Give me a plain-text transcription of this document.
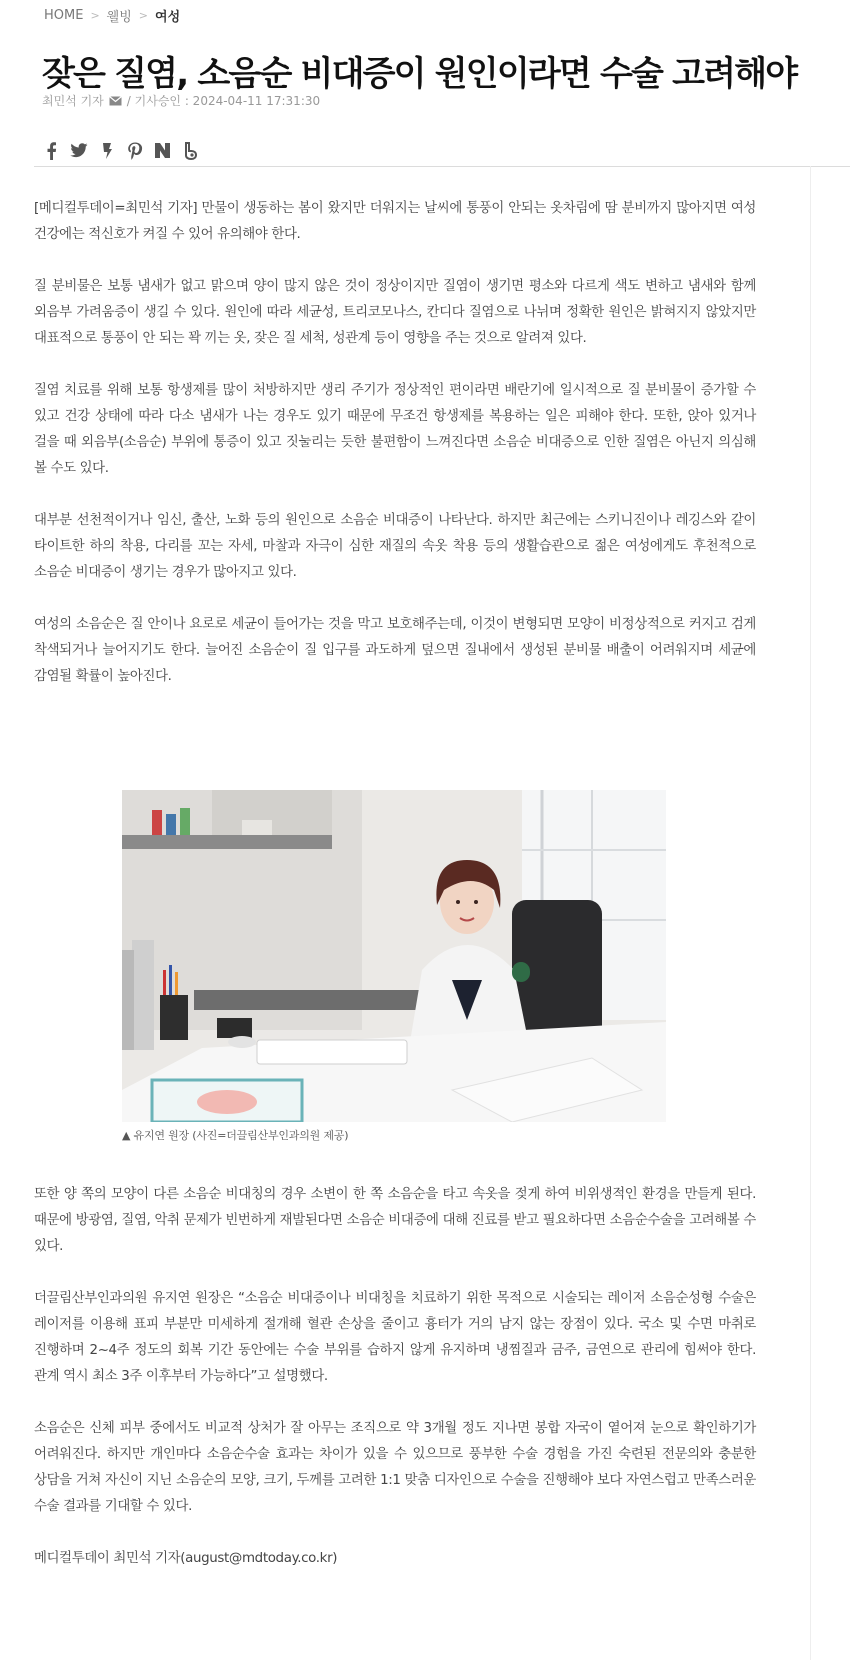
HOME > 웰빙 > 여성
잦은 질염, 소음순 비대증이 원인이라면 수술 고려해야
최민석 기자 / 기사승인 : 2024-04-11 17:31:30

[메디컬투데이=최민석 기자] 만물이 생동하는 봄이 왔지만 더워지는 날씨에 통풍이 안되는 옷차림에 땀 분비까지 많아지면 여성 건강에는 적신호가 켜질 수 있어 유의해야 한다.

질 분비물은 보통 냄새가 없고 맑으며 양이 많지 않은 것이 정상이지만 질염이 생기면 평소와 다르게 색도 변하고 냄새와 함께 외음부 가려움증이 생길 수 있다. 원인에 따라 세균성, 트리코모나스, 칸디다 질염으로 나뉘며 정확한 원인은 밝혀지지 않았지만 대표적으로 통풍이 안 되는 꽉 끼는 옷, 잦은 질 세척, 성관계 등이 영향을 주는 것으로 알려져 있다.

질염 치료를 위해 보통 항생제를 많이 처방하지만 생리 주기가 정상적인 편이라면 배란기에 일시적으로 질 분비물이 증가할 수 있고 건강 상태에 따라 다소 냄새가 나는 경우도 있기 때문에 무조건 항생제를 복용하는 일은 피해야 한다. 또한, 앉아 있거나 걸을 때 외음부(소음순) 부위에 통증이 있고 짓눌리는 듯한 불편함이 느껴진다면 소음순 비대증으로 인한 질염은 아닌지 의심해 볼 수도 있다.

대부분 선천적이거나 임신, 출산, 노화 등의 원인으로 소음순 비대증이 나타난다. 하지만 최근에는 스키니진이나 레깅스와 같이 타이트한 하의 착용, 다리를 꼬는 자세, 마찰과 자극이 심한 재질의 속옷 착용 등의 생활습관으로 젊은 여성에게도 후천적으로 소음순 비대증이 생기는 경우가 많아지고 있다.

여성의 소음순은 질 안이나 요로로 세균이 들어가는 것을 막고 보호해주는데, 이것이 변형되면 모양이 비정상적으로 커지고 검게 착색되거나 늘어지기도 한다. 늘어진 소음순이 질 입구를 과도하게 덮으면 질내에서 생성된 분비물 배출이 어려워지며 세균에 감염될 확률이 높아진다.

▲ 유지연 원장 (사진=더끌림산부인과의원 제공)

또한 양 쪽의 모양이 다른 소음순 비대칭의 경우 소변이 한 쪽 소음순을 타고 속옷을 젖게 하여 비위생적인 환경을 만들게 된다. 때문에 방광염, 질염, 악취 문제가 빈번하게 재발된다면 소음순 비대증에 대해 진료를 받고 필요하다면 소음순수술을 고려해볼 수 있다.

더끌림산부인과의원 유지연 원장은 “소음순 비대증이나 비대칭을 치료하기 위한 목적으로 시술되는 레이저 소음순성형 수술은 레이저를 이용해 표피 부분만 미세하게 절개해 혈관 손상을 줄이고 흉터가 거의 남지 않는 장점이 있다. 국소 및 수면 마취로 진행하며 2~4주 정도의 회복 기간 동안에는 수술 부위를 습하지 않게 유지하며 냉찜질과 금주, 금연으로 관리에 힘써야 한다. 관계 역시 최소 3주 이후부터 가능하다”고 설명했다.

소음순은 신체 피부 중에서도 비교적 상처가 잘 아무는 조직으로 약 3개월 정도 지나면 봉합 자국이 옅어져 눈으로 확인하기가 어려워진다. 하지만 개인마다 소음순수술 효과는 차이가 있을 수 있으므로 풍부한 수술 경험을 가진 숙련된 전문의와 충분한 상담을 거쳐 자신이 지닌 소음순의 모양, 크기, 두께를 고려한 1:1 맞춤 디자인으로 수술을 진행해야 보다 자연스럽고 만족스러운 수술 결과를 기대할 수 있다.

메디컬투데이 최민석 기자(august@mdtoday.co.kr)
